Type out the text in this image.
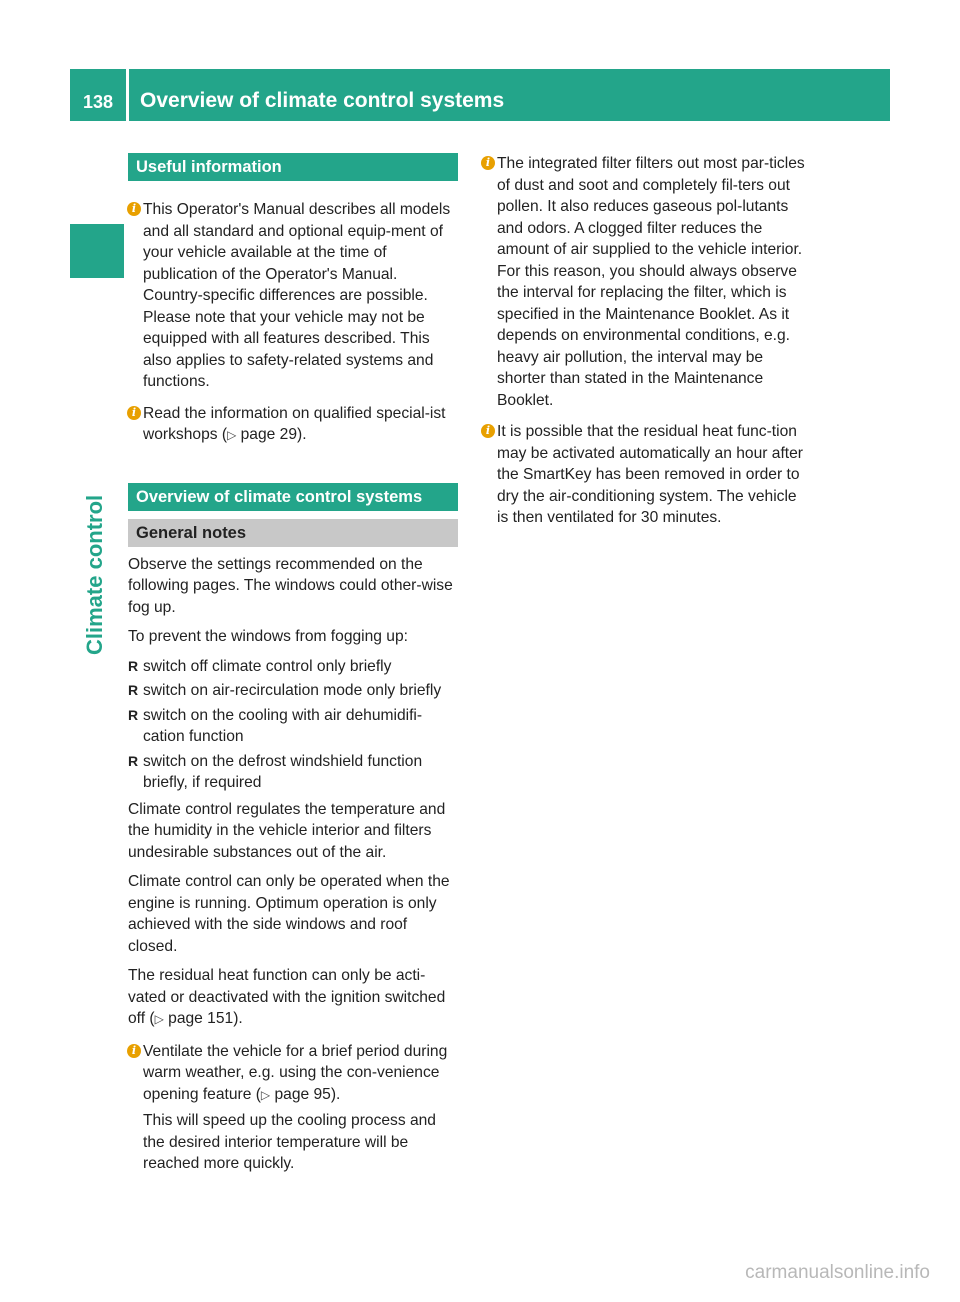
138	Overview of climate control systems
Climate control
Useful information
i This Operator's Manual describes all models and all standard and optional equip-ment of your vehicle available at the time of publication of the Operator's Manual. Country-specific differences are possible. Please note that your vehicle may not be equipped with all features described. This also applies to safety-related systems and functions.
i Read the information on qualified special-ist workshops (▷ page 29).
Overview of climate control systems
General notes
Observe the settings recommended on the following pages. The windows could other-wise fog up.
To prevent the windows from fogging up:
R switch off climate control only briefly
R switch on air-recirculation mode only briefly
R switch on the cooling with air dehumidifi-cation function
R switch on the defrost windshield function briefly, if required
Climate control regulates the temperature and the humidity in the vehicle interior and filters undesirable substances out of the air.
Climate control can only be operated when the engine is running. Optimum operation is only achieved with the side windows and roof closed.
The residual heat function can only be acti-vated or deactivated with the ignition switched off (▷ page 151).
i Ventilate the vehicle for a brief period during warm weather, e.g. using the con-venience opening feature (▷ page 95).
This will speed up the cooling process and the desired interior temperature will be reached more quickly.
i The integrated filter filters out most par-ticles of dust and soot and completely fil-ters out pollen. It also reduces gaseous pol-lutants and odors. A clogged filter reduces the amount of air supplied to the vehicle interior. For this reason, you should always observe the interval for replacing the filter, which is specified in the Maintenance Booklet. As it depends on environmental conditions, e.g. heavy air pollution, the interval may be shorter than stated in the Maintenance Booklet.
i It is possible that the residual heat func-tion may be activated automatically an hour after the SmartKey has been removed in order to dry the air-conditioning system. The vehicle is then ventilated for 30 minutes.
carmanualsonline.info
